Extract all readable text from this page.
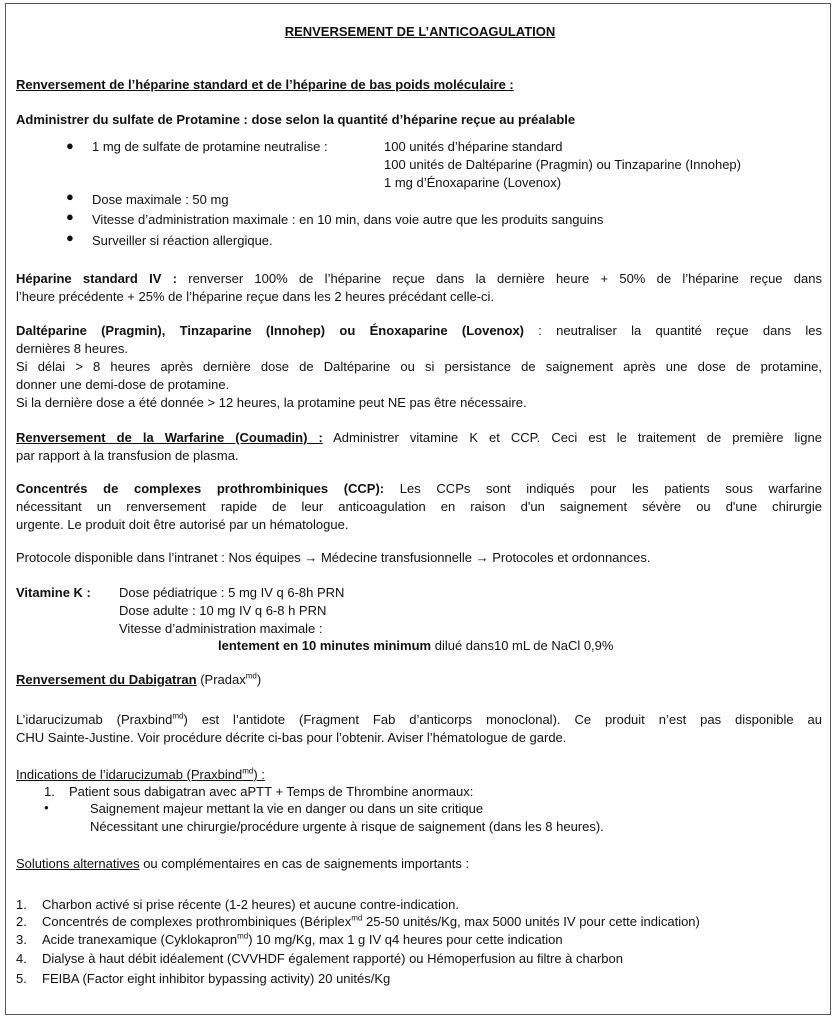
RENVERSEMENT DE L’ANTICOAGULATION
Renversement de l’héparine standard et de l’héparine de bas poids moléculaire :
Administrer du sulfate de Protamine : dose selon la quantité d’héparine reçue au préalable
● 1 mg de sulfate de protamine neutralise :	100 unités d’héparine standard
100 unités de Daltéparine (Pragmin) ou Tinzaparine (Innohep)
1 mg d’Énoxaparine (Lovenox)
● Dose maximale : 50 mg
● Vitesse d’administration maximale : en 10 min, dans voie autre que les produits sanguins
● Surveiller si réaction allergique.
Héparine standard IV : renverser 100% de l’héparine reçue dans la dernière heure + 50% de l’héparine reçue dans
l’heure précédente + 25% de l’héparine reçue dans les 2 heures précédant celle-ci.
Daltéparine (Pragmin), Tinzaparine (Innohep) ou Énoxaparine (Lovenox) : neutraliser la quantité reçue dans les
dernières 8 heures.
Si délai > 8 heures après dernière dose de Daltéparine ou si persistance de saignement après une dose de protamine,
donner une demi-dose de protamine.
Si la dernière dose a été donnée > 12 heures, la protamine peut NE pas être nécessaire.
Renversement de la Warfarine (Coumadin) : Administrer vitamine K et CCP. Ceci est le traitement de première ligne
par rapport à la transfusion de plasma.
Concentrés de complexes prothrombiniques (CCP): Les CCPs sont indiqués pour les patients sous warfarine
nécessitant un renversement rapide de leur anticoagulation en raison d'un saignement sévère ou d'une chirurgie
urgente. Le produit doit être autorisé par un hématologue.
Protocole disponible dans l’intranet : Nos équipes → Médecine transfusionnelle → Protocoles et ordonnances.
Vitamine K : Dose pédiatrique : 5 mg IV q 6-8h PRN
Dose adulte : 10 mg IV q 6-8 h PRN
Vitesse d’administration maximale :
lentement en 10 minutes minimum dilué dans10 mL de NaCl 0,9%
Renversement du Dabigatran (Pradax$^{md}$)
L’idarucizumab (Praxbind$^{md}$) est l’antidote (Fragment Fab d’anticorps monoclonal). Ce produit n’est pas disponible au
CHU Sainte-Justine. Voir procédure décrite ci-bas pour l’obtenir. Aviser l’hématologue de garde.
Indications de l’idarucizumab (Praxbind$^{md}$) :
1. Patient sous dabigatran avec aPTT + Temps de Thrombine anormaux:
●	Saignement majeur mettant la vie en danger ou dans un site critique
Nécessitant une chirurgie/procédure urgente à risque de saignement (dans les 8 heures).
Solutions alternatives ou complémentaires en cas de saignements importants :
1. Charbon activé si prise récente (1-2 heures) et aucune contre-indication.
2. Concentrés de complexes prothrombiniques (Bériplex$^{md}$ 25-50 unités/Kg, max 5000 unités IV pour cette indication)
3. Acide tranexamique (Cyklokapron$^{md}$) 10 mg/Kg, max 1 g IV q4 heures pour cette indication
4. Dialyse à haut débit idéalement (CVVHDF également rapporté) ou Hémoperfusion au filtre à charbon
5. FEIBA (Factor eight inhibitor bypassing activity) 20 unités/Kg
